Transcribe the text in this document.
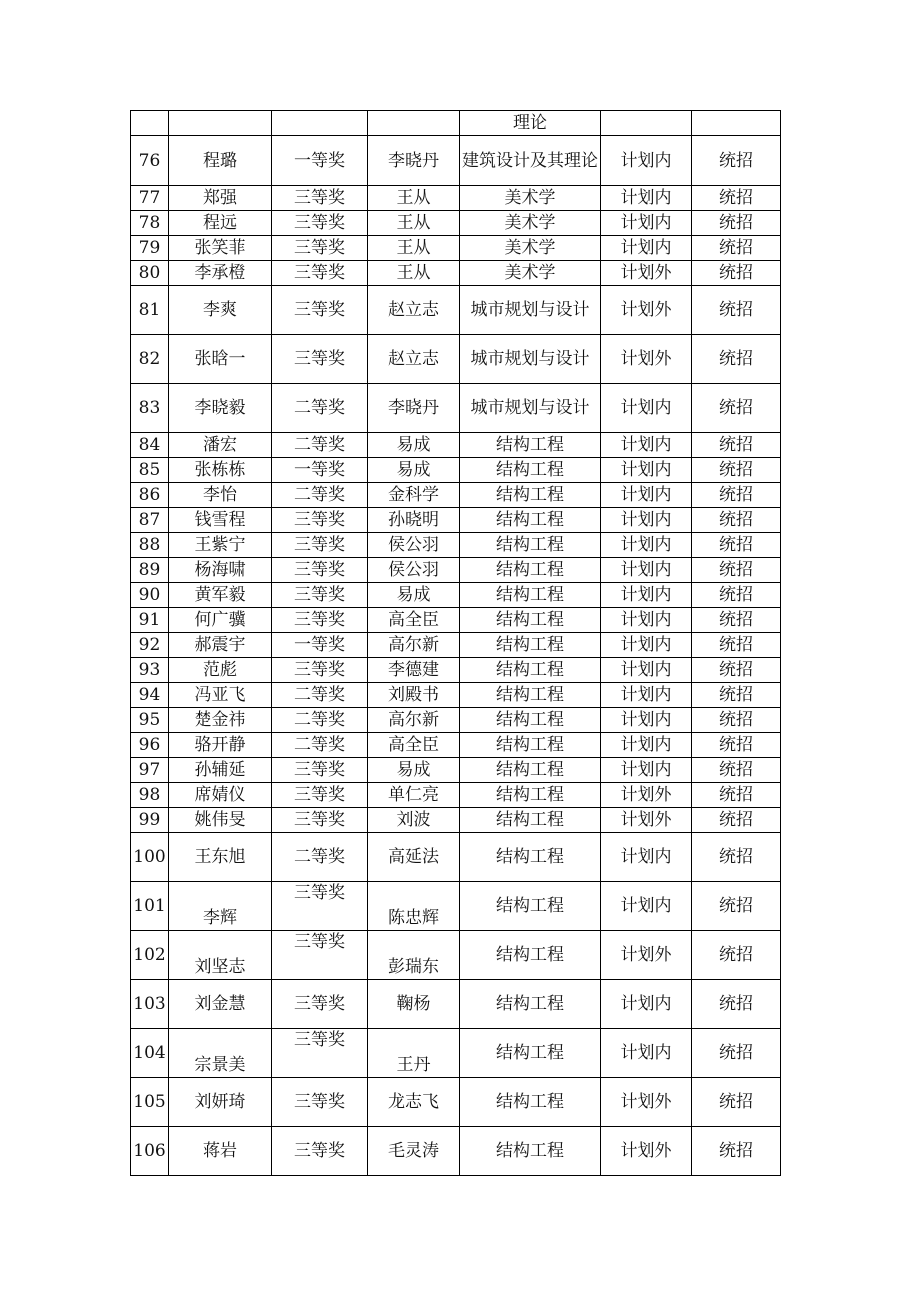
				理论		
76	程璐	一等奖	李晓丹	建筑设计及其理论	计划内	统招
77	郑强	三等奖	王从	美术学	计划内	统招
78	程远	三等奖	王从	美术学	计划内	统招
79	张笑菲	三等奖	王从	美术学	计划内	统招
80	李承橙	三等奖	王从	美术学	计划外	统招
81	李爽	三等奖	赵立志	城市规划与设计	计划外	统招
82	张晗一	三等奖	赵立志	城市规划与设计	计划外	统招
83	李晓毅	二等奖	李晓丹	城市规划与设计	计划内	统招
84	潘宏	二等奖	易成	结构工程	计划内	统招
85	张栋栋	一等奖	易成	结构工程	计划内	统招
86	李怡	二等奖	金科学	结构工程	计划内	统招
87	钱雪程	三等奖	孙晓明	结构工程	计划内	统招
88	王紫宁	三等奖	侯公羽	结构工程	计划内	统招
89	杨海啸	三等奖	侯公羽	结构工程	计划内	统招
90	黄军毅	三等奖	易成	结构工程	计划内	统招
91	何广骥	三等奖	高全臣	结构工程	计划内	统招
92	郝震宇	一等奖	高尔新	结构工程	计划内	统招
93	范彪	三等奖	李德建	结构工程	计划内	统招
94	冯亚飞	二等奖	刘殿书	结构工程	计划内	统招
95	楚金祎	二等奖	高尔新	结构工程	计划内	统招
96	骆开静	二等奖	高全臣	结构工程	计划内	统招
97	孙辅延	三等奖	易成	结构工程	计划内	统招
98	席婧仪	三等奖	单仁亮	结构工程	计划外	统招
99	姚伟旻	三等奖	刘波	结构工程	计划外	统招
100	王东旭	二等奖	高延法	结构工程	计划内	统招
101	李辉	三等奖	陈忠辉	结构工程	计划内	统招
102	刘坚志	三等奖	彭瑞东	结构工程	计划外	统招
103	刘金慧	三等奖	鞠杨	结构工程	计划内	统招
104	宗景美	三等奖	王丹	结构工程	计划内	统招
105	刘妍琦	三等奖	龙志飞	结构工程	计划外	统招
106	蒋岩	三等奖	毛灵涛	结构工程	计划外	统招
